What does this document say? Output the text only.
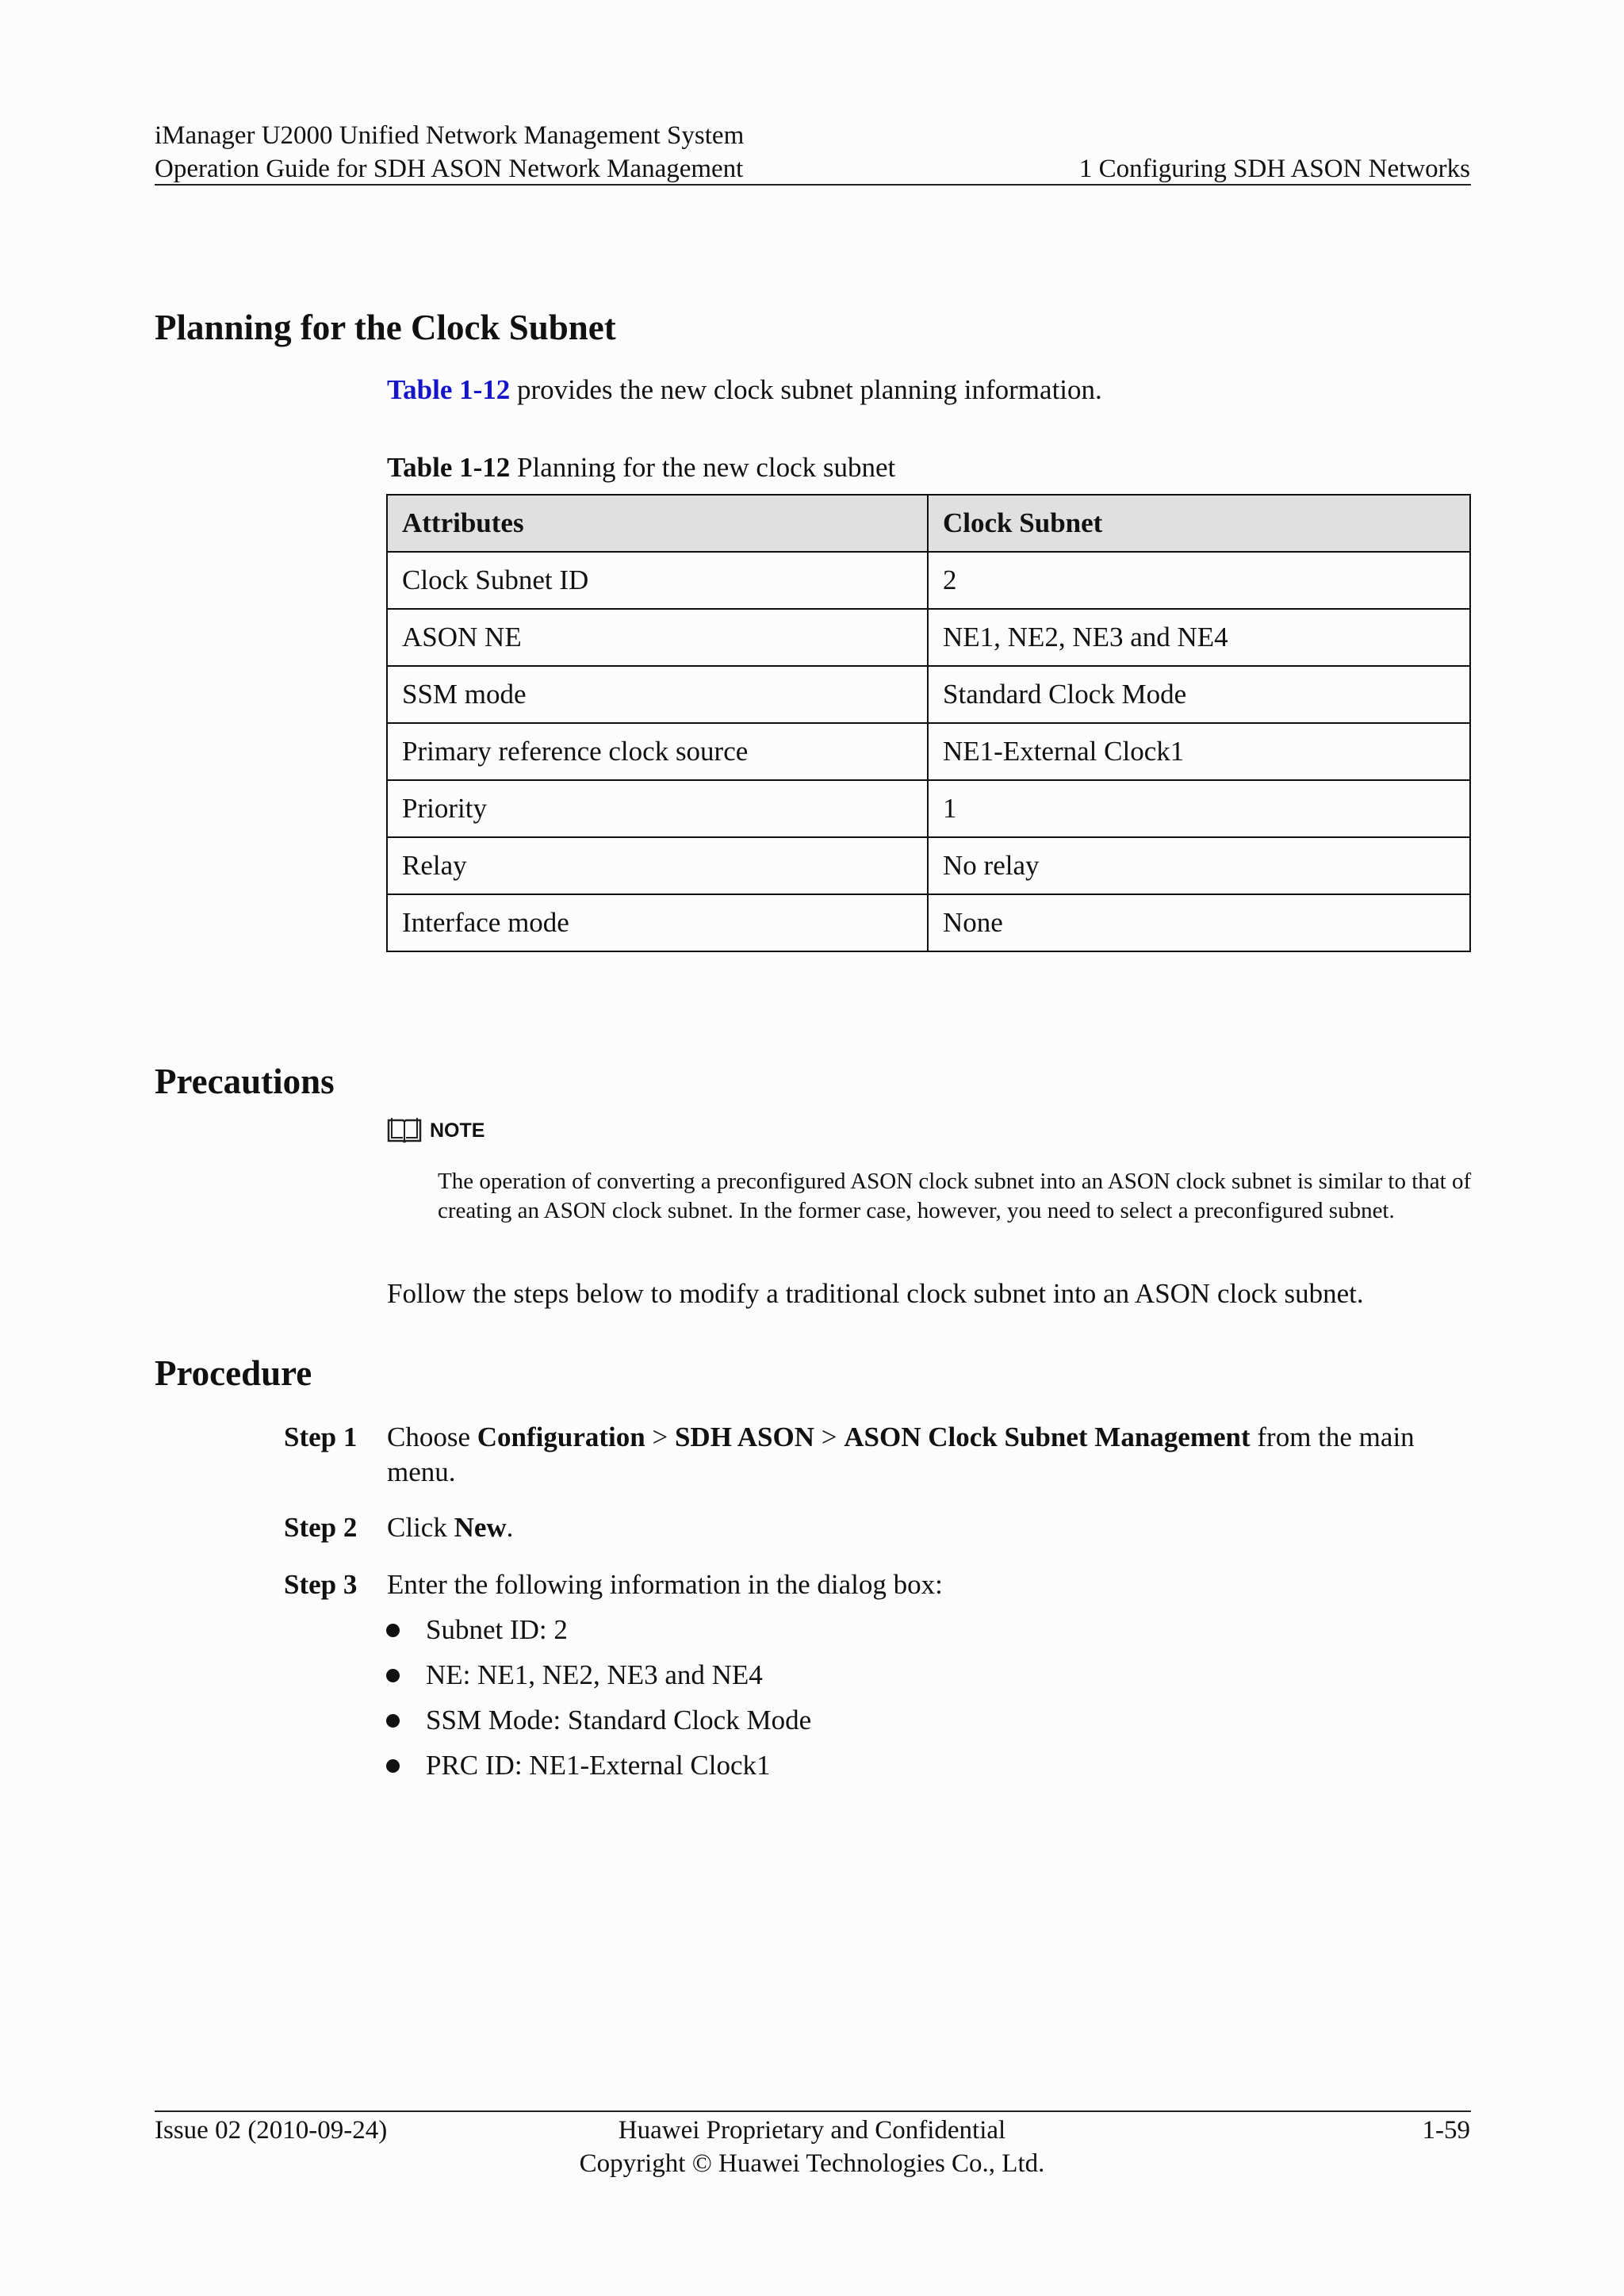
iManager U2000 Unified Network Management System
Operation Guide for SDH ASON Network Management	1 Configuring SDH ASON Networks
Planning for the Clock Subnet
Table 1-12 provides the new clock subnet planning information.
Table 1-12 Planning for the new clock subnet
Attributes	Clock Subnet
Clock Subnet ID	2
ASON NE	NE1, NE2, NE3 and NE4
SSM mode	Standard Clock Mode
Primary reference clock source	NE1-External Clock1
Priority	1
Relay	No relay
Interface mode	None
Precautions
NOTE
The operation of converting a preconfigured ASON clock subnet into an ASON clock subnet is similar to that of creating an ASON clock subnet. In the former case, however, you need to select a preconfigured subnet.
Follow the steps below to modify a traditional clock subnet into an ASON clock subnet.
Procedure
Step 1 Choose Configuration > SDH ASON > ASON Clock Subnet Management from the main menu.
Step 2 Click New.
Step 3 Enter the following information in the dialog box:
Subnet ID: 2
NE: NE1, NE2, NE3 and NE4
SSM Mode: Standard Clock Mode
PRC ID: NE1-External Clock1
Issue 02 (2010-09-24)	Huawei Proprietary and Confidential
Copyright © Huawei Technologies Co., Ltd.
1-59
